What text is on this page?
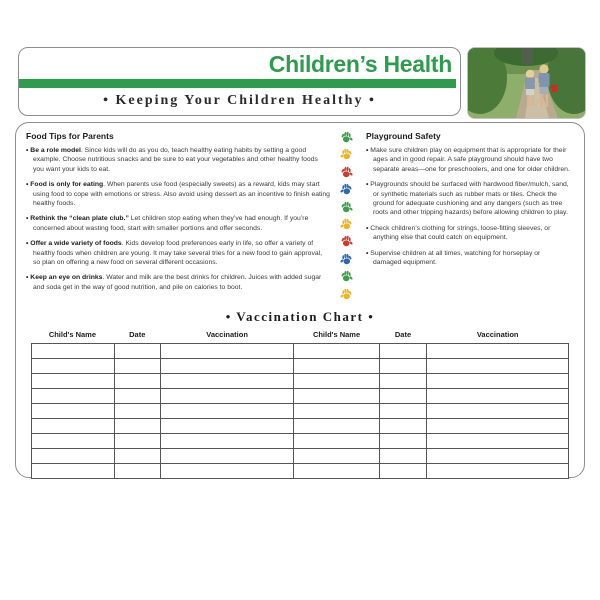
Children’s Health
• Keeping Your Children Healthy •

Food Tips for Parents

• Be a role model. Since kids will do as you do, teach healthy eating habits by setting a good example. Choose nutritious snacks and be sure to eat your vegetables and other healthy foods you want your kids to eat.

• Food is only for eating. When parents use food (especially sweets) as a reward, kids may start using food to cope with emotions or stress. Also avoid using dessert as an incentive to finish eating healthy foods.

• Rethink the “clean plate club.” Let children stop eating when they’ve had enough. If you’re concerned about wasting food, start with smaller portions and offer seconds.

• Offer a wide variety of foods. Kids develop food preferences early in life, so offer a variety of healthy foods when children are young. It may take several tries for a new food to gain approval, so plan on offering a new food on several different occasions.

• Keep an eye on drinks. Water and milk are the best drinks for children. Juices with added sugar and soda get in the way of good nutrition, and pile on calories to boot.

Playground Safety

• Make sure children play on equipment that is appropriate for their ages and in good repair. A safe playground should have two separate areas—one for preschoolers, and one for older children.

• Playgrounds should be surfaced with hardwood fiber/mulch, sand, or synthetic materials such as rubber mats or tiles. Check the ground for adequate cushioning and any dangers (such as tree roots and other tripping hazards) before allowing children to play.

• Check children’s clothing for strings, loose-fitting sleeves, or anything else that could catch on equipment.

• Supervise children at all times, watching for horseplay or damaged equipment.

• Vaccination Chart •
Child's Name	Date	Vaccination	Child's Name	Date	Vaccination
